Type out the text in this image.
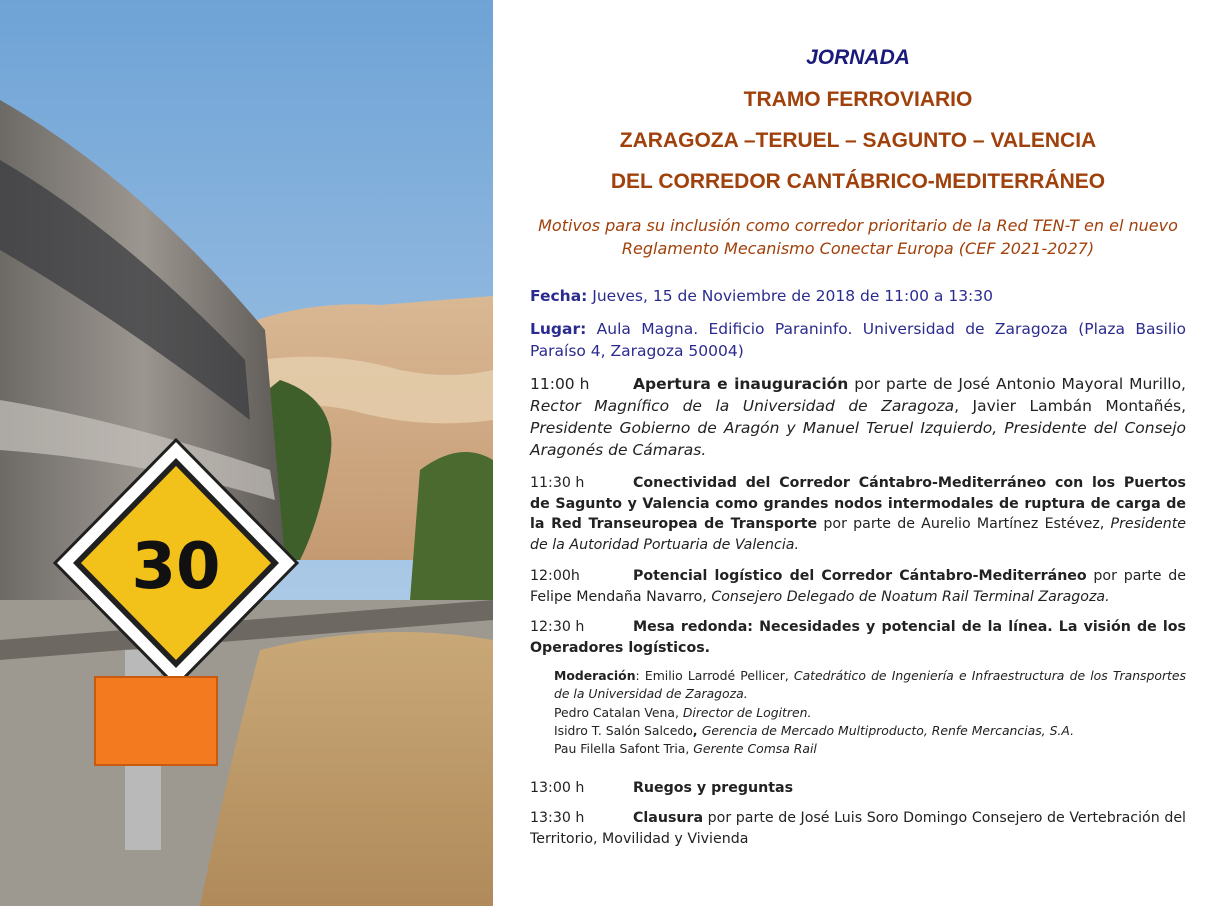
30
JORNADA
TRAMO FERROVIARIO
ZARAGOZA –TERUEL – SAGUNTO – VALENCIA
DEL CORREDOR CANTÁBRICO-MEDITERRÁNEO
Motivos para su inclusión como corredor prioritario de la Red TEN-T en el nuevo Reglamento Mecanismo Conectar Europa (CEF 2021-2027)
Fecha: Jueves, 15 de Noviembre de 2018 de 11:00 a 13:30
Lugar: Aula Magna. Edificio Paraninfo. Universidad de Zaragoza (Plaza Basilio Paraíso 4, Zaragoza 50004)
11:00 h	Apertura e inauguración por parte de José Antonio Mayoral Murillo, Rector Magnífico de la Universidad de Zaragoza, Javier Lambán Montañés, Presidente Gobierno de Aragón y Manuel Teruel Izquierdo, Presidente del Consejo Aragonés de Cámaras.
11:30 h	Conectividad del Corredor Cántabro-Mediterráneo con los Puertos de Sagunto y Valencia como grandes nodos intermodales de ruptura de carga de la Red Transeuropea de Transporte por parte de Aurelio Martínez Estévez, Presidente de la Autoridad Portuaria de Valencia.
12:00h	Potencial logístico del Corredor Cántabro-Mediterráneo por parte de Felipe Mendaña Navarro, Consejero Delegado de Noatum Rail Terminal Zaragoza.
12:30 h	Mesa redonda: Necesidades y potencial de la línea. La visión de los Operadores logísticos.
Moderación: Emilio Larrodé Pellicer, Catedrático de Ingeniería e Infraestructura de los Transportes de la Universidad de Zaragoza.
Pedro Catalan Vena, Director de Logitren.
Isidro T. Salón Salcedo, Gerencia de Mercado Multiproducto, Renfe Mercancias, S.A.
Pau Filella Safont Tria, Gerente Comsa Rail
13:00 h	Ruegos y preguntas
13:30 h	Clausura por parte de José Luis Soro Domingo Consejero de Vertebración del Territorio, Movilidad y Vivienda
